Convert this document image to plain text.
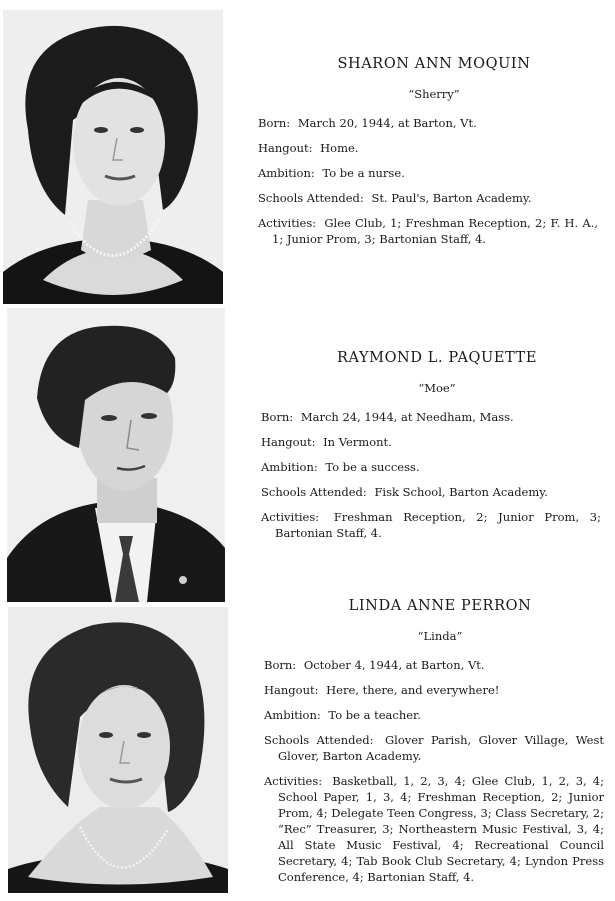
SHARON ANN MOQUIN
“Sherry”
Born: March 20, 1944, at Barton, Vt.
Hangout: Home.
Ambition: To be a nurse.
Schools Attended: St. Paul's, Barton Academy.
Activities: Glee Club, 1; Freshman Reception, 2; F. H. A., 1; Junior Prom, 3; Bartonian Staff, 4.
RAYMOND L. PAQUETTE
“Moe”
Born: March 24, 1944, at Needham, Mass.
Hangout: In Vermont.
Ambition: To be a success.
Schools Attended: Fisk School, Barton Academy.
Activities: Freshman Reception, 2; Junior Prom, 3; Bartonian Staff, 4.
LINDA ANNE PERRON
“Linda”
Born: October 4, 1944, at Barton, Vt.
Hangout: Here, there, and everywhere!
Ambition: To be a teacher.
Schools Attended: Glover Parish, Glover Village, West Glover, Barton Academy.
Activities: Basketball, 1, 2, 3, 4; Glee Club, 1, 2, 3, 4; School Paper, 1, 3, 4; Freshman Reception, 2; Junior Prom, 4; Delegate Teen Congress, 3; Class Secretary, 2; “Rec” Treasurer, 3; Northeastern Music Festival, 3, 4; All State Music Festival, 4; Recreational Council Secretary, 4; Tab Book Club Secretary, 4; Lyndon Press Conference, 4; Bartonian Staff, 4.
